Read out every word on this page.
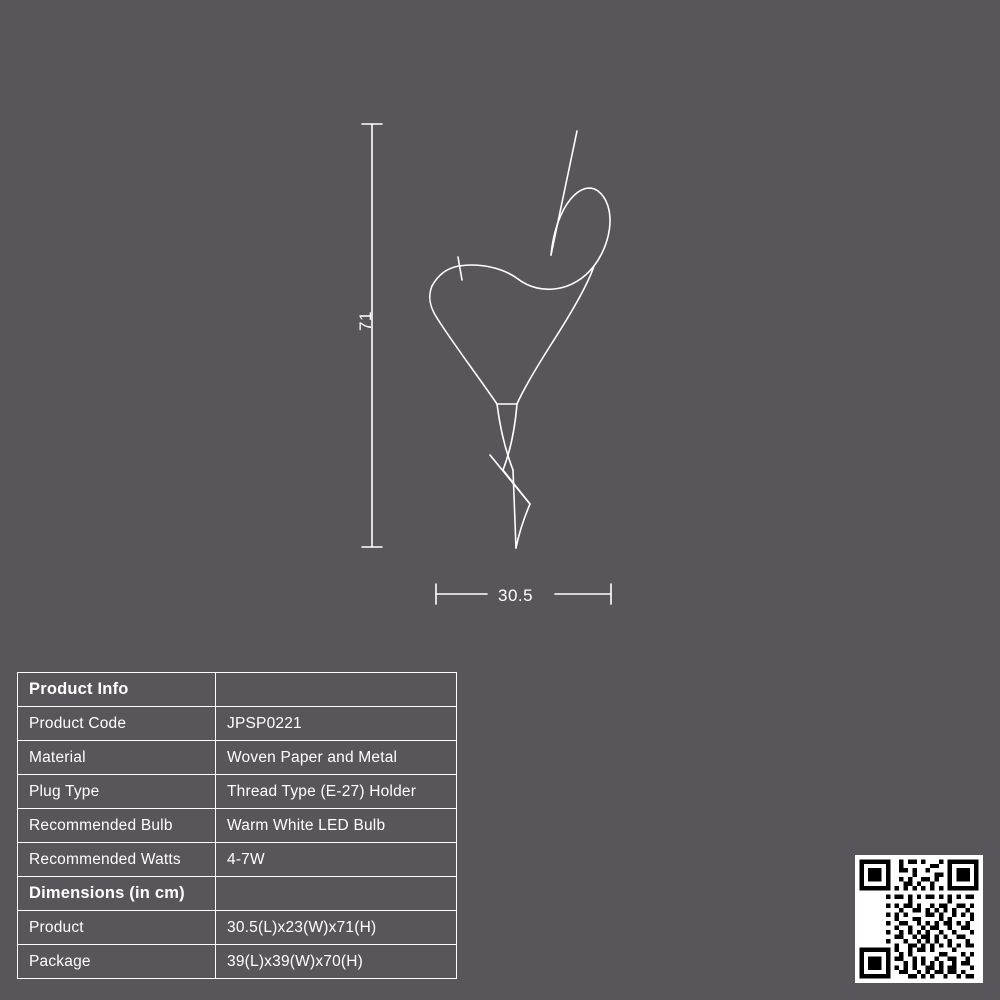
71
30.5
Product Info	
Product Code	JPSP0221
Material	Woven Paper and Metal
Plug Type	Thread Type (E-27) Holder
Recommended Bulb	Warm White LED Bulb
Recommended Watts	4-7W
Dimensions (in cm)	
Product	30.5(L)x23(W)x71(H)
Package	39(L)x39(W)x70(H)
